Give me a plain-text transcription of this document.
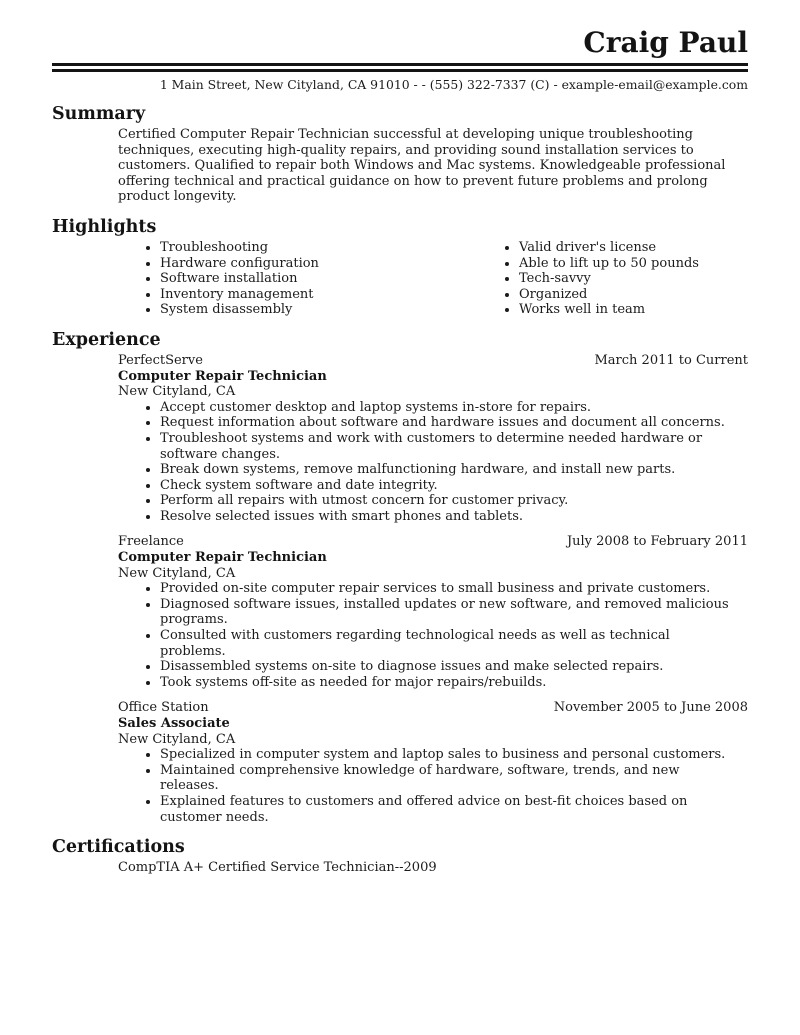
Craig Paul
1 Main Street, New Cityland, CA 91010 - - (555) 322-7337 (C) - example-email@example.com
Summary

Certified Computer Repair Technician successful at developing unique troubleshooting techniques, executing high-quality repairs, and providing sound installation services to customers. Qualified to repair both Windows and Mac systems. Knowledgeable professional offering technical and practical guidance on how to prevent future problems and prolong product longevity.

Highlights
• Troubleshooting
• Hardware configuration
• Software installation
• Inventory management
• System disassembly
• Valid driver's license
• Able to lift up to 50 pounds
• Tech-savvy
• Organized
• Works well in team
Experience
PerfectServe	March 2011 to Current
Computer Repair Technician
New Cityland, CA
• Accept customer desktop and laptop systems in-store for repairs.
• Request information about software and hardware issues and document all concerns.
• Troubleshoot systems and work with customers to determine needed hardware or software changes.
• Break down systems, remove malfunctioning hardware, and install new parts.
• Check system software and date integrity.
• Perform all repairs with utmost concern for customer privacy.
• Resolve selected issues with smart phones and tablets.
Freelance	July 2008 to February 2011
Computer Repair Technician
New Cityland, CA
• Provided on-site computer repair services to small business and private customers.
• Diagnosed software issues, installed updates or new software, and removed malicious programs.
• Consulted with customers regarding technological needs as well as technical problems.
• Disassembled systems on-site to diagnose issues and make selected repairs.
• Took systems off-site as needed for major repairs/rebuilds.
Office Station	November 2005 to June 2008
Sales Associate
New Cityland, CA
• Specialized in computer system and laptop sales to business and personal customers.
• Maintained comprehensive knowledge of hardware, software, trends, and new releases.
• Explained features to customers and offered advice on best-fit choices based on customer needs.
Certifications

CompTIA A+ Certified Service Technician--2009
